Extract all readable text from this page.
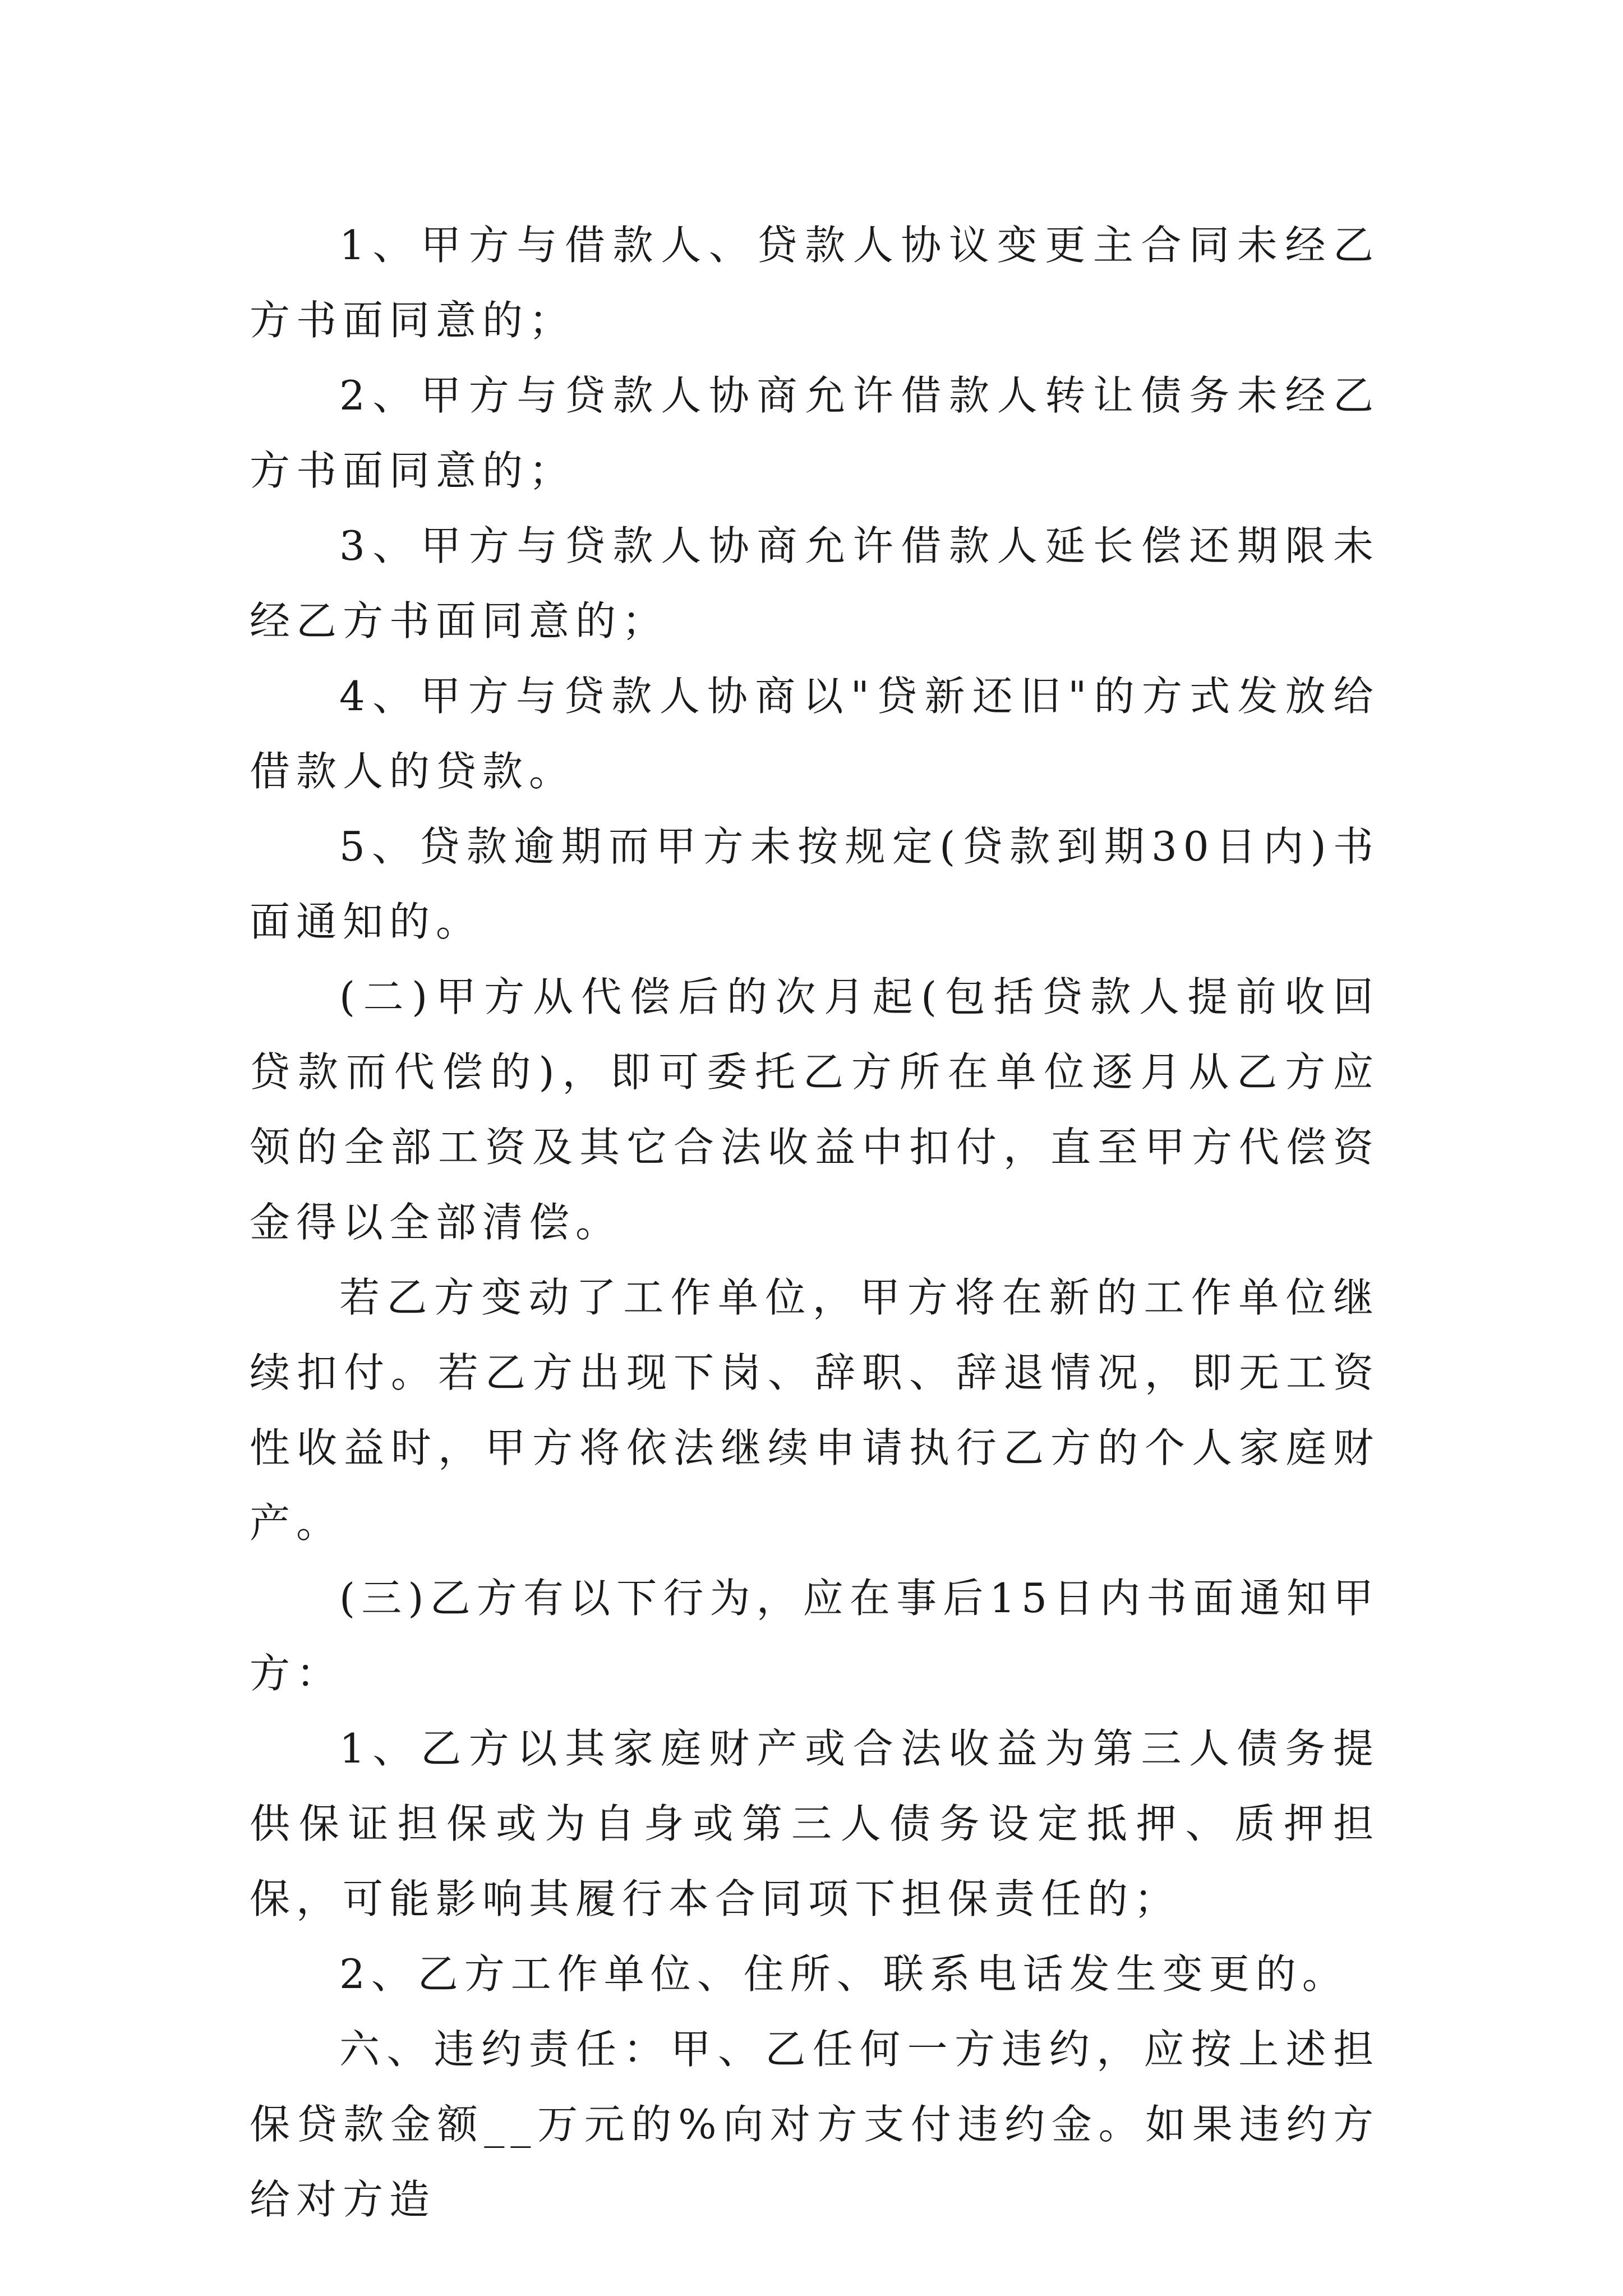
1、甲方与借款人、贷款人协议变更主合同未经乙方书面同意的；

2、甲方与贷款人协商允许借款人转让债务未经乙方书面同意的；

3、甲方与贷款人协商允许借款人延长偿还期限未经乙方书面同意的；

4、甲方与贷款人协商以"贷新还旧"的方式发放给借款人的贷款。

5、贷款逾期而甲方未按规定(贷款到期30日内)书面通知的。

(二)甲方从代偿后的次月起(包括贷款人提前收回贷款而代偿的)，即可委托乙方所在单位逐月从乙方应领的全部工资及其它合法收益中扣付，直至甲方代偿资金得以全部清偿。

若乙方变动了工作单位，甲方将在新的工作单位继续扣付。若乙方出现下岗、辞职、辞退情况，即无工资性收益时，甲方将依法继续申请执行乙方的个人家庭财产。

(三)乙方有以下行为，应在事后15日内书面通知甲方：

1、乙方以其家庭财产或合法收益为第三人债务提供保证担保或为自身或第三人债务设定抵押、质押担保，可能影响其履行本合同项下担保责任的；

2、乙方工作单位、住所、联系电话发生变更的。

六、违约责任：甲、乙任何一方违约，应按上述担保贷款金额__万元的%向对方支付违约金。如果违约方给对方造
